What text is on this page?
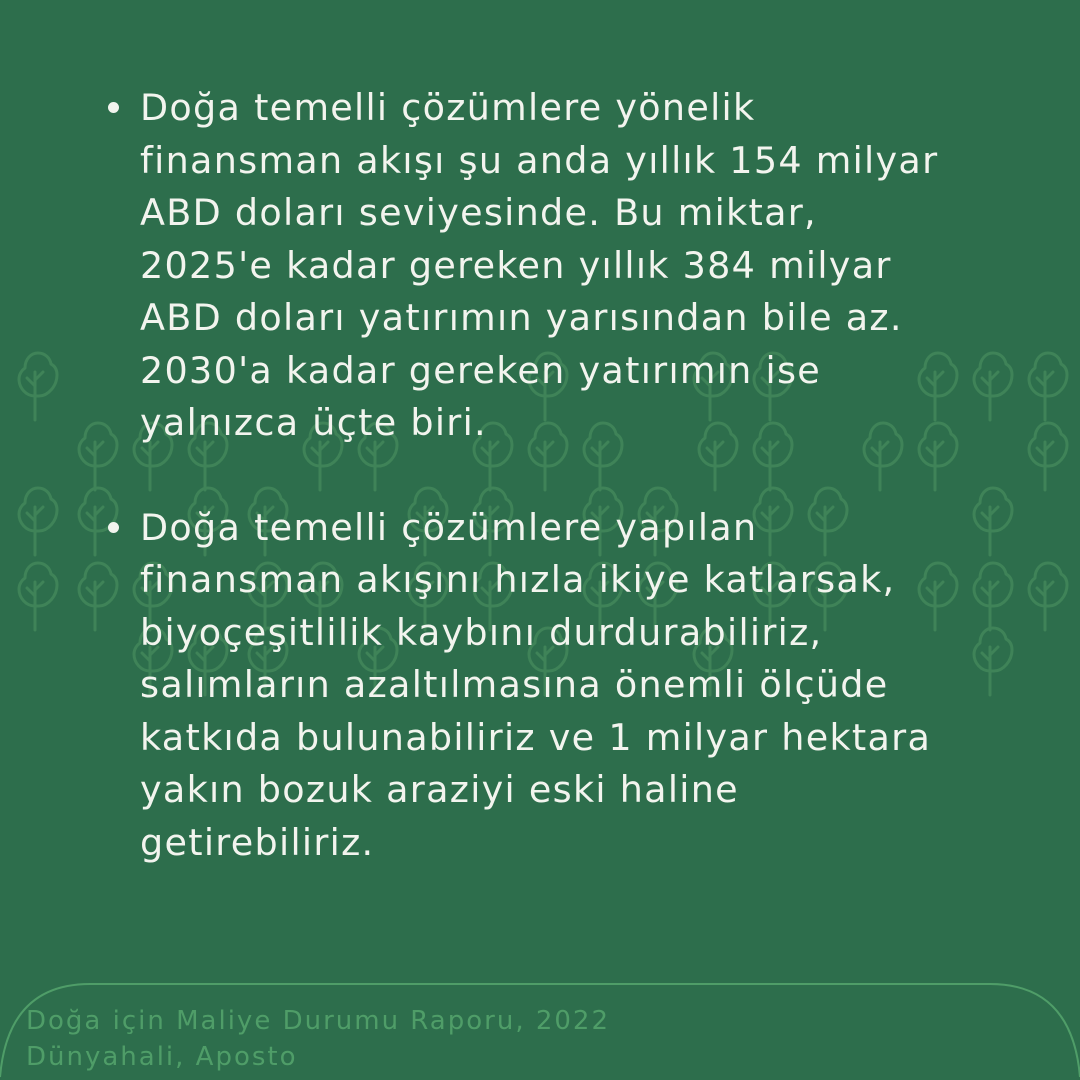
Doğa temelli çözümlere yönelik
finansman akışı şu anda yıllık 154 milyar
ABD doları seviyesinde. Bu miktar,
2025'e kadar gereken yıllık 384 milyar
ABD doları yatırımın yarısından bile az.
2030'a kadar gereken yatırımın ise
yalnızca üçte biri.
Doğa temelli çözümlere yapılan
finansman akışını hızla ikiye katlarsak,
biyoçeşitlilik kaybını durdurabiliriz,
salımların azaltılmasına önemli ölçüde
katkıda bulunabiliriz ve 1 milyar hektara
yakın bozuk araziyi eski haline
getirebiliriz.
Doğa için Maliye Durumu Raporu, 2022
Dünyahali, Aposto
